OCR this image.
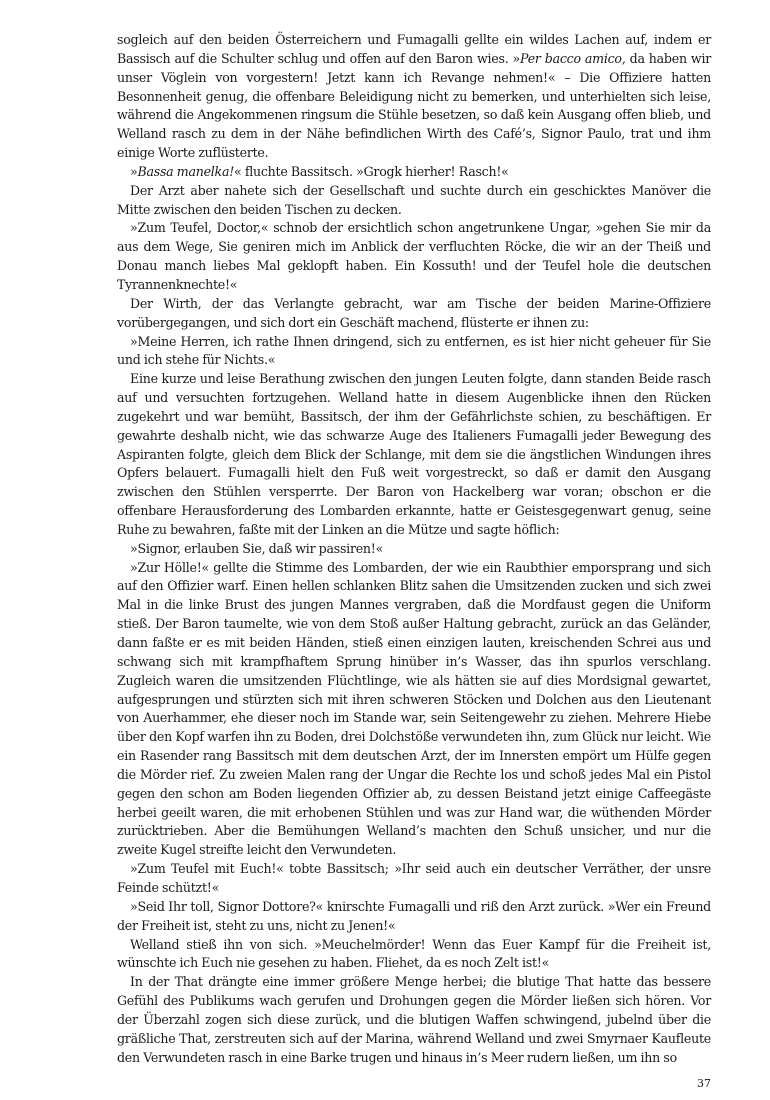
sogleich auf den beiden Österreichern und Fumagalli gellte ein wildes Lachen auf, indem er Bassisch auf die Schulter schlug und offen auf den Baron wies. »Per bacco amico, da haben wir unser Vöglein von vorgestern! Jetzt kann ich Revange nehmen!« – Die Offiziere hatten Besonnenheit genug, die offenbare Beleidigung nicht zu bemerken, und unterhielten sich leise, während die Angekommenen ringsum die Stühle besetzen, so daß kein Ausgang offen blieb, und Welland rasch zu dem in der Nähe befindlichen Wirth des Café’s, Signor Paulo, trat und ihm einige Worte zuflüsterte.

»Bassa manelka!« fluchte Bassitsch. »Grogk hierher! Rasch!«

Der Arzt aber nahete sich der Gesellschaft und suchte durch ein geschicktes Manöver die Mitte zwischen den beiden Tischen zu decken.

»Zum Teufel, Doctor,« schnob der ersichtlich schon angetrunkene Ungar, »gehen Sie mir da aus dem Wege, Sie geniren mich im Anblick der verfluchten Röcke, die wir an der Theiß und Donau manch liebes Mal geklopft haben. Ein Kossuth! und der Teufel hole die deutschen Tyrannenknechte!«

Der Wirth, der das Verlangte gebracht, war am Tische der beiden Marine-Offiziere vorübergegangen, und sich dort ein Geschäft machend, flüsterte er ihnen zu:

»Meine Herren, ich rathe Ihnen dringend, sich zu entfernen, es ist hier nicht geheuer für Sie und ich stehe für Nichts.«

Eine kurze und leise Berathung zwischen den jungen Leuten folgte, dann standen Beide rasch auf und versuchten fortzugehen. Welland hatte in diesem Augenblicke ihnen den Rücken zugekehrt und war bemüht, Bassitsch, der ihm der Gefährlichste schien, zu beschäftigen. Er gewahrte deshalb nicht, wie das schwarze Auge des Italieners Fumagalli jeder Bewegung des Aspiranten folgte, gleich dem Blick der Schlange, mit dem sie die ängstlichen Windungen ihres Opfers belauert. Fumagalli hielt den Fuß weit vorgestreckt, so daß er damit den Ausgang zwischen den Stühlen versperrte. Der Baron von Hackelberg war voran; obschon er die offenbare Herausforderung des Lombarden erkannte, hatte er Geistesgegenwart genug, seine Ruhe zu bewahren, faßte mit der Linken an die Mütze und sagte höflich:

»Signor, erlauben Sie, daß wir passiren!«

»Zur Hölle!« gellte die Stimme des Lombarden, der wie ein Raubthier emporsprang und sich auf den Offizier warf. Einen hellen schlanken Blitz sahen die Umsitzenden zucken und sich zwei Mal in die linke Brust des jungen Mannes vergraben, daß die Mordfaust gegen die Uniform stieß. Der Baron taumelte, wie von dem Stoß außer Haltung gebracht, zurück an das Geländer, dann faßte er es mit beiden Händen, stieß einen einzigen lauten, kreischenden Schrei aus und schwang sich mit krampfhaftem Sprung hinüber in’s Wasser, das ihn spurlos verschlang. Zugleich waren die umsitzenden Flüchtlinge, wie als hätten sie auf dies Mordsignal gewartet, aufgesprungen und stürzten sich mit ihren schweren Stöcken und Dolchen aus den Lieutenant von Auerhammer, ehe dieser noch im Stande war, sein Seitengewehr zu ziehen. Mehrere Hiebe über den Kopf warfen ihn zu Boden, drei Dolchstöße verwundeten ihn, zum Glück nur leicht. Wie ein Rasender rang Bassitsch mit dem deutschen Arzt, der im Innersten empört um Hülfe gegen die Mörder rief. Zu zweien Malen rang der Ungar die Rechte los und schoß jedes Mal ein Pistol gegen den schon am Boden liegenden Offizier ab, zu dessen Beistand jetzt einige Caffeegäste herbei geeilt waren, die mit erhobenen Stühlen und was zur Hand war, die wüthenden Mörder zurücktrieben. Aber die Bemühungen Welland’s machten den Schuß unsicher, und nur die zweite Kugel streifte leicht den Verwundeten.

»Zum Teufel mit Euch!« tobte Bassitsch; »Ihr seid auch ein deutscher Verräther, der unsre Feinde schützt!«

»Seid Ihr toll, Signor Dottore?« knirschte Fumagalli und riß den Arzt zurück. »Wer ein Freund der Freiheit ist, steht zu uns, nicht zu Jenen!«

Welland stieß ihn von sich. »Meuchelmörder! Wenn das Euer Kampf für die Freiheit ist, wünschte ich Euch nie gesehen zu haben. Fliehet, da es noch Zelt ist!«

In der That drängte eine immer größere Menge herbei; die blutige That hatte das bessere Gefühl des Publikums wach gerufen und Drohungen gegen die Mörder ließen sich hören. Vor der Überzahl zogen sich diese zurück, und die blutigen Waffen schwingend, jubelnd über die gräßliche That, zerstreuten sich auf der Marina, während Welland und zwei Smyrnaer Kaufleute den Verwundeten rasch in eine Barke trugen und hinaus in’s Meer rudern ließen, um ihn so

37
